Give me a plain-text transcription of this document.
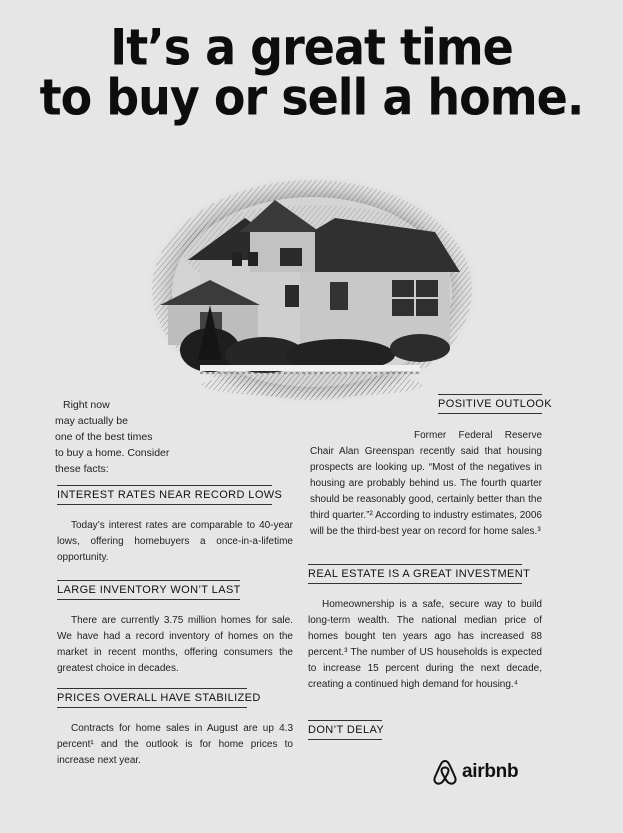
It’s a great time
to buy or sell a home.
Right now
may actually be
one of the best times
to buy a home. Consider
these facts:
INTEREST RATES NEAR RECORD LOWS
Today’s interest rates are comparable to 40-year lows, offering homebuyers a once-in-a-lifetime opportunity.
LARGE INVENTORY WON’T LAST
There are currently 3.75 million homes for sale. We have had a record inventory of homes on the market in recent months, offering consumers the greatest choice in decades.
PRICES OVERALL HAVE STABILIZED
Contracts for home sales in August are up 4.3 percent¹ and the outlook is for home prices to increase next year.
POSITIVE OUTLOOK
Former Federal Reserve Chair Alan Greenspan recently said that housing prospects are looking up. “Most of the negatives in housing are probably behind us. The fourth quarter should be reasonably good, certainly better than the third quarter.”² According to industry estimates, 2006 will be the third-best year on record for home sales.³
REAL ESTATE IS A GREAT INVESTMENT
Homeownership is a safe, secure way to build long-term wealth. The national median price of homes bought ten years ago has increased 88 percent.³ The number of US households is expected to increase 15 percent during the next decade, creating a continued high demand for housing.⁴
DON’T DELAY
airbnb
